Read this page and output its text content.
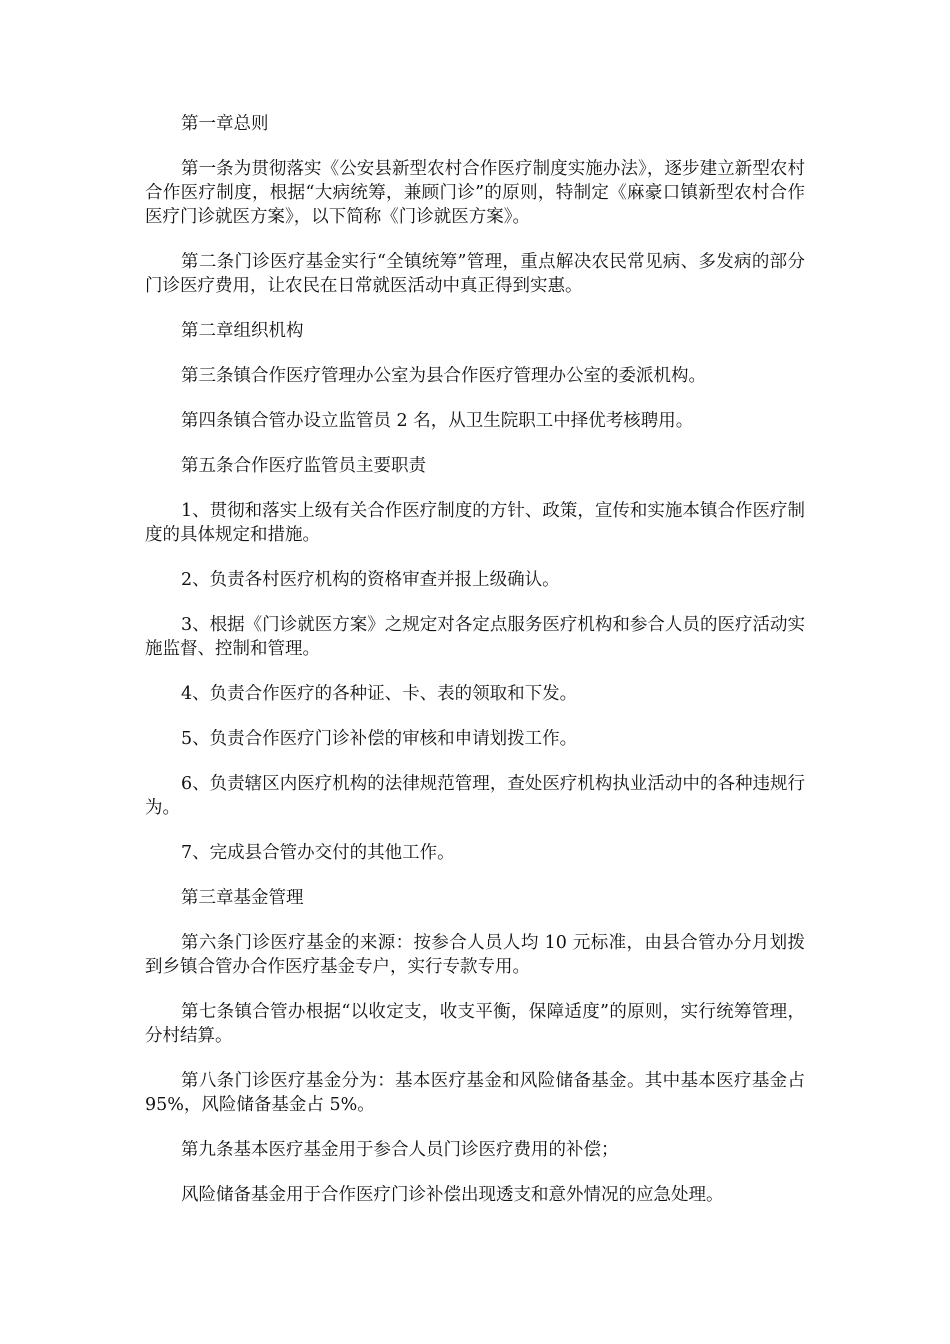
第一章总则

第一条为贯彻落实《公安县新型农村合作医疗制度实施办法》，逐步建立新型农村合作医疗制度，根据“大病统筹，兼顾门诊”的原则，特制定《麻豪口镇新型农村合作医疗门诊就医方案》，以下简称《门诊就医方案》。

第二条门诊医疗基金实行“全镇统筹”管理，重点解决农民常见病、多发病的部分门诊医疗费用，让农民在日常就医活动中真正得到实惠。

第二章组织机构

第三条镇合作医疗管理办公室为县合作医疗管理办公室的委派机构。

第四条镇合管办设立监管员 2 名，从卫生院职工中择优考核聘用。

第五条合作医疗监管员主要职责

1、贯彻和落实上级有关合作医疗制度的方针、政策，宣传和实施本镇合作医疗制度的具体规定和措施。

2、负责各村医疗机构的资格审查并报上级确认。

3、根据《门诊就医方案》之规定对各定点服务医疗机构和参合人员的医疗活动实施监督、控制和管理。

4、负责合作医疗的各种证、卡、表的领取和下发。

5、负责合作医疗门诊补偿的审核和申请划拨工作。

6、负责辖区内医疗机构的法律规范管理，查处医疗机构执业活动中的各种违规行为。

7、完成县合管办交付的其他工作。

第三章基金管理

第六条门诊医疗基金的来源：按参合人员人均 10 元标准，由县合管办分月划拨到乡镇合管办合作医疗基金专户，实行专款专用。

第七条镇合管办根据“以收定支，收支平衡，保障适度”的原则，实行统筹管理，分村结算。

第八条门诊医疗基金分为：基本医疗基金和风险储备基金。其中基本医疗基金占 95%，风险储备基金占 5%。

第九条基本医疗基金用于参合人员门诊医疗费用的补偿；

风险储备基金用于合作医疗门诊补偿出现透支和意外情况的应急处理。
